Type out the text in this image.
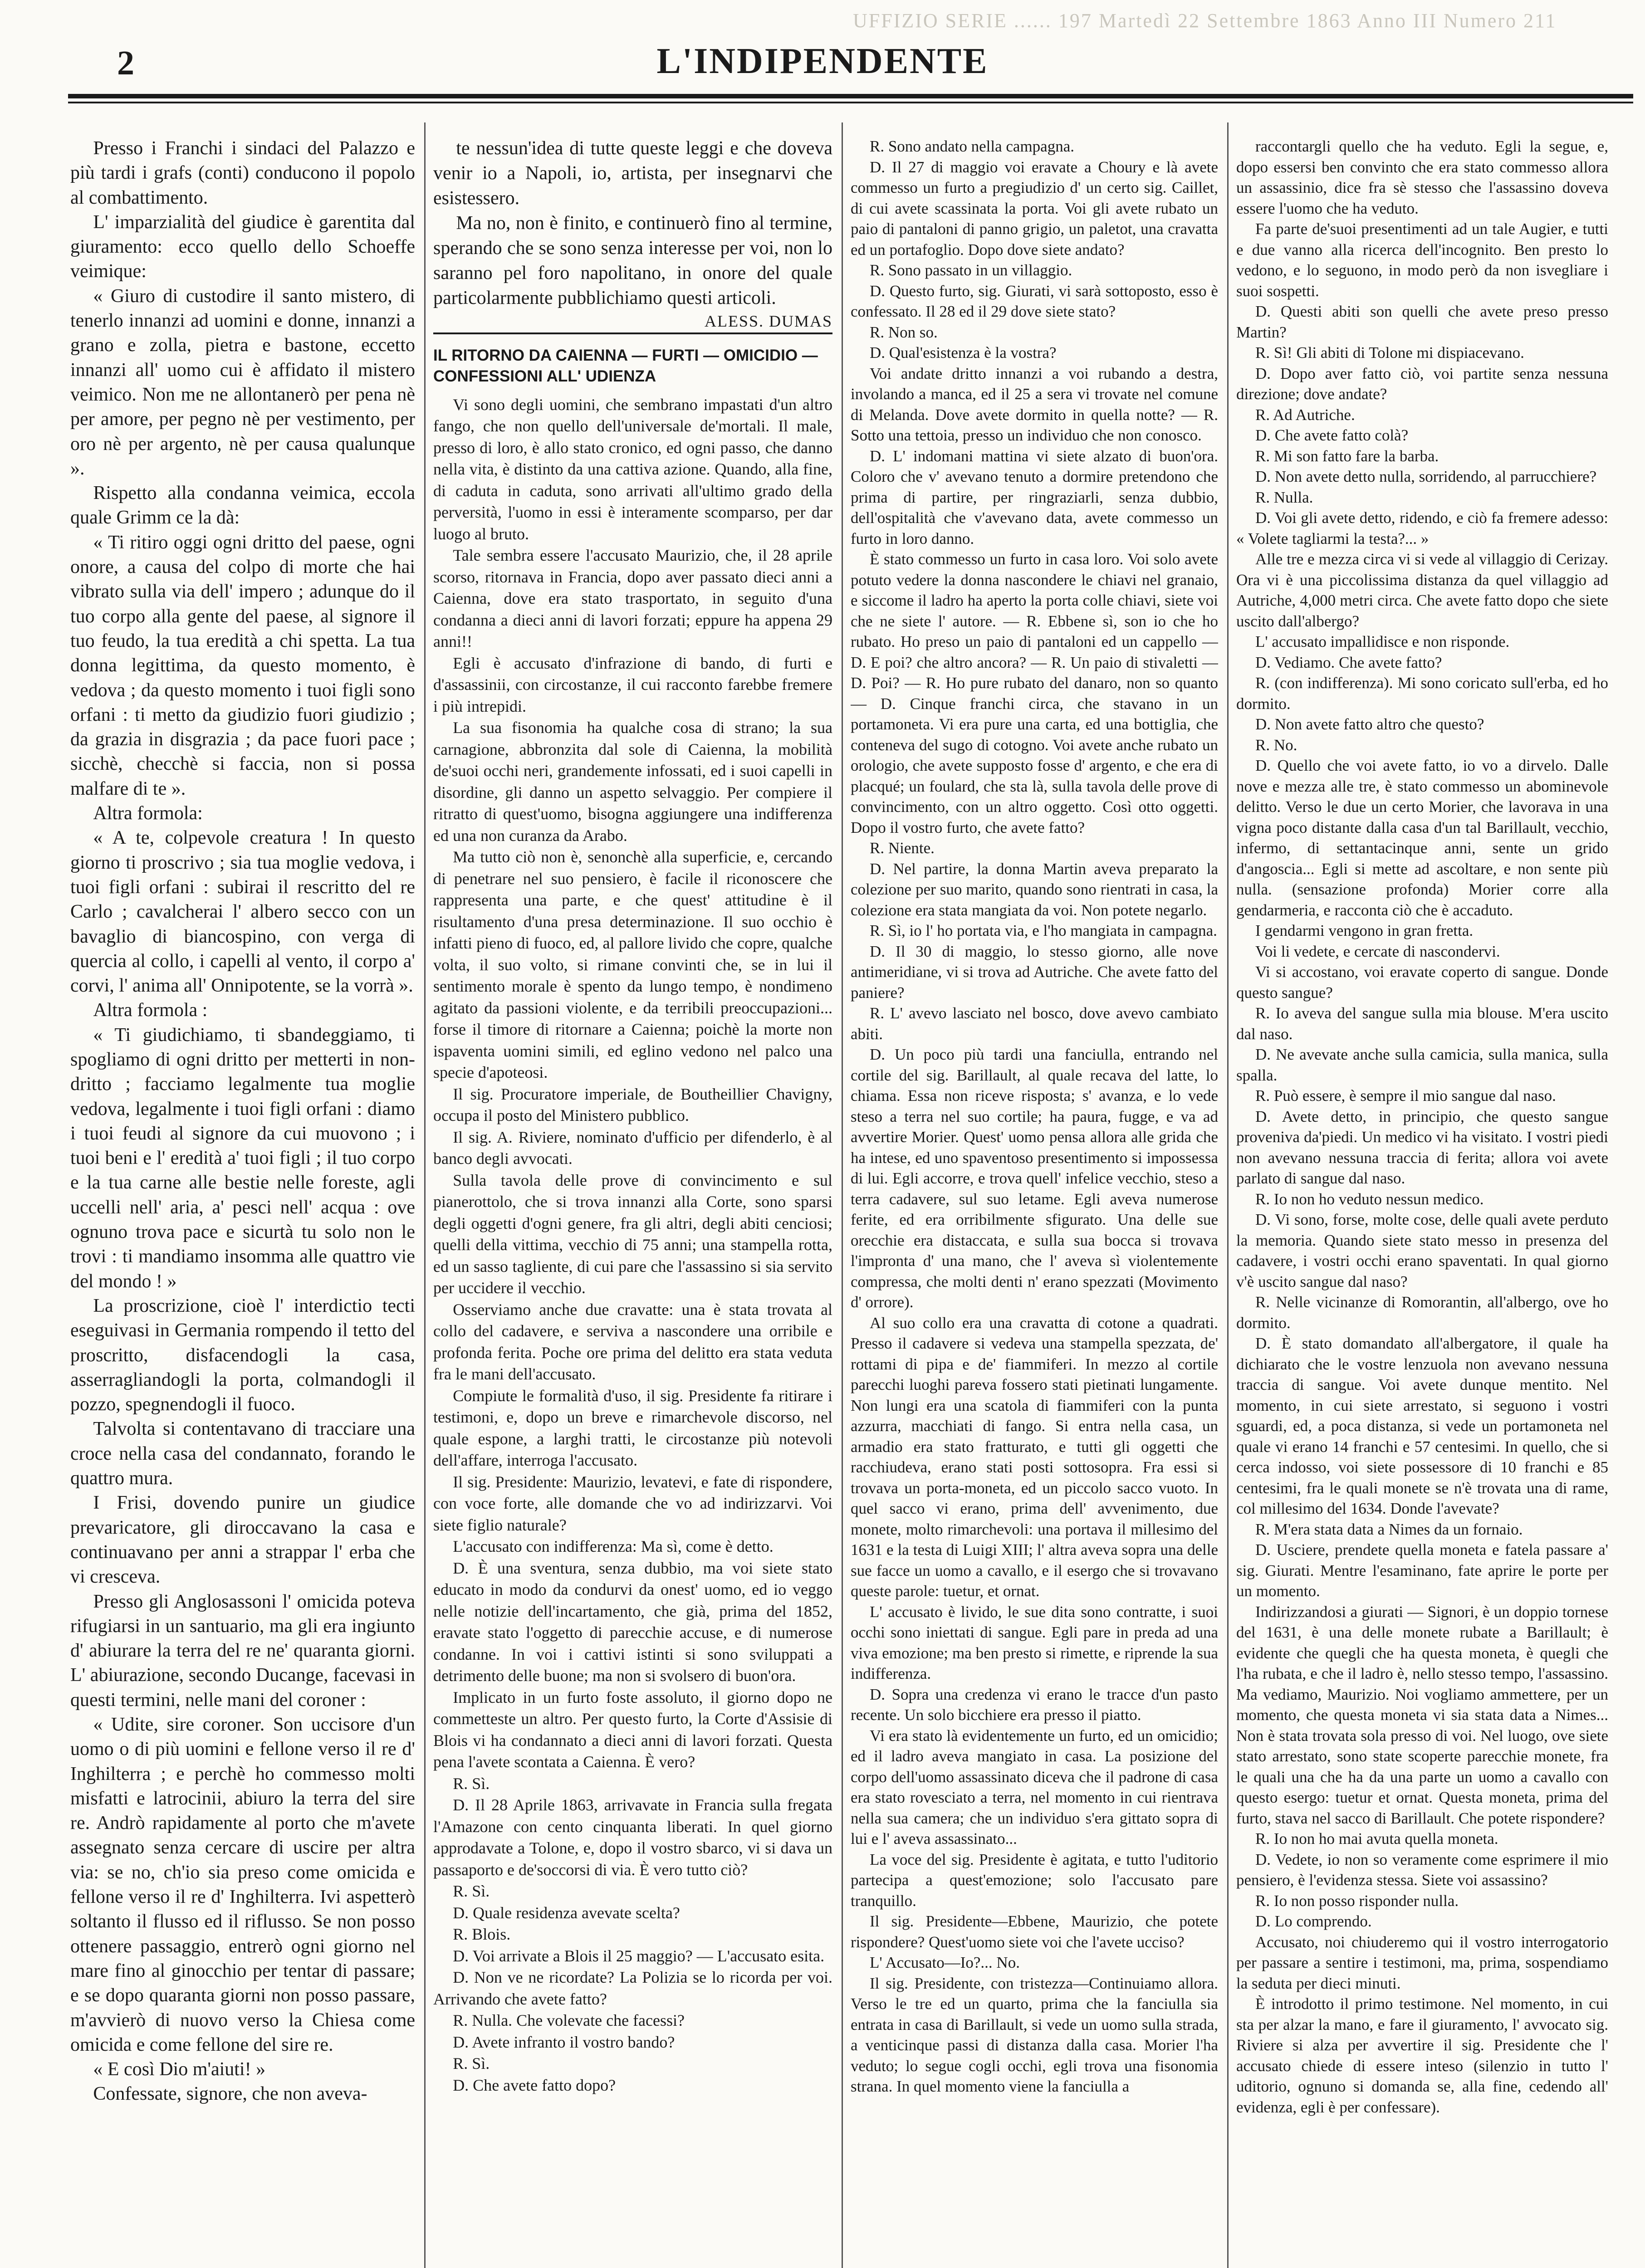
UFFIZIO SERIE ...... 197 Martedì 22 Settembre 1863 Anno III Numero 211
2	L'INDIPENDENTE

Presso i Franchi i sindaci del Palazzo e più tardi i grafs (conti) conducono il popolo al combattimento.

L' imparzialità del giudice è garentita dal giuramento: ecco quello dello Schoeffe veimique:

« Giuro di custodire il santo mistero, di tenerlo innanzi ad uomini e donne, innanzi a grano e zolla, pietra e bastone, eccetto innanzi all' uomo cui è affidato il mistero veimico. Non me ne allontanerò per pena nè per amore, per pegno nè per vestimento, per oro nè per argento, nè per causa qualunque ».

Rispetto alla condanna veimica, eccola quale Grimm ce la dà:

« Ti ritiro oggi ogni dritto del paese, ogni onore, a causa del colpo di morte che hai vibrato sulla via dell' impero ; adunque do il tuo corpo alla gente del paese, al signore il tuo feudo, la tua eredità a chi spetta. La tua donna legittima, da questo momento, è vedova ; da questo momento i tuoi figli sono orfani : ti metto da giudizio fuori giudizio ; da grazia in disgrazia ; da pace fuori pace ; sicchè, checchè si faccia, non si possa malfare di te ».

Altra formola:

« A te, colpevole creatura ! In questo giorno ti proscrivo ; sia tua moglie vedova, i tuoi figli orfani : subirai il rescritto del re Carlo ; cavalcherai l' albero secco con un bavaglio di biancospino, con verga di quercia al collo, i capelli al vento, il corpo a' corvi, l' anima all' Onnipotente, se la vorrà ».

Altra formola :

« Ti giudichiamo, ti sbandeggiamo, ti spogliamo di ogni dritto per metterti in non-dritto ; facciamo legalmente tua moglie vedova, legalmente i tuoi figli orfani : diamo i tuoi feudi al signore da cui muovono ; i tuoi beni e l' eredità a' tuoi figli ; il tuo corpo e la tua carne alle bestie nelle foreste, agli uccelli nell' aria, a' pesci nell' acqua : ove ognuno trova pace e sicurtà tu solo non le trovi : ti mandiamo insomma alle quattro vie del mondo ! »

La proscrizione, cioè l' interdictio tecti eseguivasi in Germania rompendo il tetto del proscritto, disfacendogli la casa, asserragliandogli la porta, colmandogli il pozzo, spegnendogli il fuoco.

Talvolta si contentavano di tracciare una croce nella casa del condannato, forando le quattro mura.

I Frisi, dovendo punire un giudice prevaricatore, gli diroccavano la casa e continuavano per anni a strappar l' erba che vi cresceva.

Presso gli Anglosassoni l' omicida poteva rifugiarsi in un santuario, ma gli era ingiunto d' abiurare la terra del re ne' quaranta giorni. L' abiurazione, secondo Ducange, facevasi in questi termini, nelle mani del coroner :

« Udite, sire coroner. Son uccisore d'un uomo o di più uomini e fellone verso il re d' Inghilterra ; e perchè ho commesso molti misfatti e latrocinii, abiuro la terra del sire re. Andrò rapidamente al porto che m'avete assegnato senza cercare di uscire per altra via: se no, ch'io sia preso come omicida e fellone verso il re d' Inghilterra. Ivi aspetterò soltanto il flusso ed il riflusso. Se non posso ottenere passaggio, entrerò ogni giorno nel mare fino al ginocchio per tentar di passare; e se dopo quaranta giorni non posso passare, m'avvierò di nuovo verso la Chiesa come omicida e come fellone del sire re.

« E così Dio m'aiuti! »

Confessate, signore, che non aveva-

te nessun'idea di tutte queste leggi e che doveva venir io a Napoli, io, artista, per insegnarvi che esistessero.

Ma no, non è finito, e continuerò fino al termine, sperando che se sono senza interesse per voi, non lo saranno pel foro napolitano, in onore del quale particolarmente pubblichiamo questi articoli.

ALESS. DUMAS

IL RITORNO DA CAIENNA — FURTI — OMICIDIO — CONFESSIONI ALL' UDIENZA

Vi sono degli uomini, che sembrano impastati d'un altro fango, che non quello dell'universale de'mortali. Il male, presso di loro, è allo stato cronico, ed ogni passo, che danno nella vita, è distinto da una cattiva azione. Quando, alla fine, di caduta in caduta, sono arrivati all'ultimo grado della perversità, l'uomo in essi è interamente scomparso, per dar luogo al bruto.

Tale sembra essere l'accusato Maurizio, che, il 28 aprile scorso, ritornava in Francia, dopo aver passato dieci anni a Caienna, dove era stato trasportato, in seguito d'una condanna a dieci anni di lavori forzati; eppure ha appena 29 anni!!

Egli è accusato d'infrazione di bando, di furti e d'assassinii, con circostanze, il cui racconto farebbe fremere i più intrepidi.

La sua fisonomia ha qualche cosa di strano; la sua carnagione, abbronzita dal sole di Caienna, la mobilità de'suoi occhi neri, grandemente infossati, ed i suoi capelli in disordine, gli danno un aspetto selvaggio. Per compiere il ritratto di quest'uomo, bisogna aggiungere una indifferenza ed una non curanza da Arabo.

Ma tutto ciò non è, senonchè alla superficie, e, cercando di penetrare nel suo pensiero, è facile il riconoscere che rappresenta una parte, e che quest' attitudine è il risultamento d'una presa determinazione. Il suo occhio è infatti pieno di fuoco, ed, al pallore livido che copre, qualche volta, il suo volto, si rimane convinti che, se in lui il sentimento morale è spento da lungo tempo, è nondimeno agitato da passioni violente, e da terribili preoccupazioni... forse il timore di ritornare a Caienna; poichè la morte non ispaventa uomini simili, ed eglino vedono nel palco una specie d'apoteosi.

Il sig. Procuratore imperiale, de Boutheillier Chavigny, occupa il posto del Ministero pubblico.

Il sig. A. Riviere, nominato d'ufficio per difenderlo, è al banco degli avvocati.

Sulla tavola delle prove di convincimento e sul pianerottolo, che si trova innanzi alla Corte, sono sparsi degli oggetti d'ogni genere, fra gli altri, degli abiti cenciosi; quelli della vittima, vecchio di 75 anni; una stampella rotta, ed un sasso tagliente, di cui pare che l'assassino si sia servito per uccidere il vecchio.

Osserviamo anche due cravatte: una è stata trovata al collo del cadavere, e serviva a nascondere una orribile e profonda ferita. Poche ore prima del delitto era stata veduta fra le mani dell'accusato.

Compiute le formalità d'uso, il sig. Presidente fa ritirare i testimoni, e, dopo un breve e rimarchevole discorso, nel quale espone, a larghi tratti, le circostanze più notevoli dell'affare, interroga l'accusato.

Il sig. Presidente: Maurizio, levatevi, e fate di rispondere, con voce forte, alle domande che vo ad indirizzarvi. Voi siete figlio naturale?

L'accusato con indifferenza: Ma sì, come è detto.

D. È una sventura, senza dubbio, ma voi siete stato educato in modo da condurvi da onest' uomo, ed io veggo nelle notizie dell'incartamento, che già, prima del 1852, eravate stato l'oggetto di parecchie accuse, e di numerose condanne. In voi i cattivi istinti si sono sviluppati a detrimento delle buone; ma non si svolsero di buon'ora.

Implicato in un furto foste assoluto, il giorno dopo ne commetteste un altro. Per questo furto, la Corte d'Assisie di Blois vi ha condannato a dieci anni di lavori forzati. Questa pena l'avete scontata a Caienna. È vero?

R. Sì.

D. Il 28 Aprile 1863, arrivavate in Francia sulla fregata l'Amazone con cento cinquanta liberati. In quel giorno approdavate a Tolone, e, dopo il vostro sbarco, vi si dava un passaporto e de'soccorsi di via. È vero tutto ciò?

R. Sì.

D. Quale residenza avevate scelta?

R. Blois.

D. Voi arrivate a Blois il 25 maggio? — L'accusato esita.

D. Non ve ne ricordate? La Polizia se lo ricorda per voi. Arrivando che avete fatto?

R. Nulla. Che volevate che facessi?

D. Avete infranto il vostro bando?

R. Sì.

D. Che avete fatto dopo?

R. Sono andato nella campagna.

D. Il 27 di maggio voi eravate a Choury e là avete commesso un furto a pregiudizio d' un certo sig. Caillet, di cui avete scassinata la porta. Voi gli avete rubato un paio di pantaloni di panno grigio, un paletot, una cravatta ed un portafoglio. Dopo dove siete andato?

R. Sono passato in un villaggio.

D. Questo furto, sig. Giurati, vi sarà sottoposto, esso è confessato. Il 28 ed il 29 dove siete stato?

R. Non so.

D. Qual'esistenza è la vostra?

Voi andate dritto innanzi a voi rubando a destra, involando a manca, ed il 25 a sera vi trovate nel comune di Melanda. Dove avete dormito in quella notte? — R. Sotto una tettoia, presso un individuo che non conosco.

D. L' indomani mattina vi siete alzato di buon'ora. Coloro che v' avevano tenuto a dormire pretendono che prima di partire, per ringraziarli, senza dubbio, dell'ospitalità che v'avevano data, avete commesso un furto in loro danno.

È stato commesso un furto in casa loro. Voi solo avete potuto vedere la donna nascondere le chiavi nel granaio, e siccome il ladro ha aperto la porta colle chiavi, siete voi che ne siete l' autore. — R. Ebbene sì, son io che ho rubato. Ho preso un paio di pantaloni ed un cappello — D. E poi? che altro ancora? — R. Un paio di stivaletti — D. Poi? — R. Ho pure rubato del danaro, non so quanto — D. Cinque franchi circa, che stavano in un portamoneta. Vi era pure una carta, ed una bottiglia, che conteneva del sugo di cotogno. Voi avete anche rubato un orologio, che avete supposto fosse d' argento, e che era di placqué; un foulard, che sta là, sulla tavola delle prove di convincimento, con un altro oggetto. Così otto oggetti. Dopo il vostro furto, che avete fatto?

R. Niente.

D. Nel partire, la donna Martin aveva preparato la colezione per suo marito, quando sono rientrati in casa, la colezione era stata mangiata da voi. Non potete negarlo.

R. Sì, io l' ho portata via, e l'ho mangiata in campagna.

D. Il 30 di maggio, lo stesso giorno, alle nove antimeridiane, vi si trova ad Autriche. Che avete fatto del paniere?

R. L' avevo lasciato nel bosco, dove avevo cambiato abiti.

D. Un poco più tardi una fanciulla, entrando nel cortile del sig. Barillault, al quale recava del latte, lo chiama. Essa non riceve risposta; s' avanza, e lo vede steso a terra nel suo cortile; ha paura, fugge, e va ad avvertire Morier. Quest' uomo pensa allora alle grida che ha intese, ed uno spaventoso presentimento si impossessa di lui. Egli accorre, e trova quell' infelice vecchio, steso a terra cadavere, sul suo letame. Egli aveva numerose ferite, ed era orribilmente sfigurato. Una delle sue orecchie era distaccata, e sulla sua bocca si trovava l'impronta d' una mano, che l' aveva sì violentemente compressa, che molti denti n' erano spezzati (Movimento d' orrore).

Al suo collo era una cravatta di cotone a quadrati. Presso il cadavere si vedeva una stampella spezzata, de' rottami di pipa e de' fiammiferi. In mezzo al cortile parecchi luoghi pareva fossero stati pietinati lungamente. Non lungi era una scatola di fiammiferi con la punta azzurra, macchiati di fango. Si entra nella casa, un armadio era stato fratturato, e tutti gli oggetti che racchiudeva, erano stati posti sottosopra. Fra essi si trovava un porta-moneta, ed un piccolo sacco vuoto. In quel sacco vi erano, prima dell' avvenimento, due monete, molto rimarchevoli: una portava il millesimo del 1631 e la testa di Luigi XIII; l' altra aveva sopra una delle sue facce un uomo a cavallo, e il esergo che si trovavano queste parole: tuetur, et ornat.

L' accusato è livido, le sue dita sono contratte, i suoi occhi sono iniettati di sangue. Egli pare in preda ad una viva emozione; ma ben presto si rimette, e riprende la sua indifferenza.

D. Sopra una credenza vi erano le tracce d'un pasto recente. Un solo bicchiere era presso il piatto.

Vi era stato là evidentemente un furto, ed un omicidio; ed il ladro aveva mangiato in casa. La posizione del corpo dell'uomo assassinato diceva che il padrone di casa era stato rovesciato a terra, nel momento in cui rientrava nella sua camera; che un individuo s'era gittato sopra di lui e l' aveva assassinato...

La voce del sig. Presidente è agitata, e tutto l'uditorio partecipa a quest'emozione; solo l'accusato pare tranquillo.

Il sig. Presidente—Ebbene, Maurizio, che potete rispondere? Quest'uomo siete voi che l'avete ucciso?

L' Accusato—Io?... No.

Il sig. Presidente, con tristezza—Continuiamo allora. Verso le tre ed un quarto, prima che la fanciulla sia entrata in casa di Barillault, si vede un uomo sulla strada, a venticinque passi di distanza dalla casa. Morier l'ha veduto; lo segue cogli occhi, egli trova una fisonomia strana. In quel momento viene la fanciulla a

raccontargli quello che ha veduto. Egli la segue, e, dopo essersi ben convinto che era stato commesso allora un assassinio, dice fra sè stesso che l'assassino doveva essere l'uomo che ha veduto.

Fa parte de'suoi presentimenti ad un tale Augier, e tutti e due vanno alla ricerca dell'incognito. Ben presto lo vedono, e lo seguono, in modo però da non isvegliare i suoi sospetti.

D. Questi abiti son quelli che avete preso presso Martin?

R. Sì! Gli abiti di Tolone mi dispiacevano.

D. Dopo aver fatto ciò, voi partite senza nessuna direzione; dove andate?

R. Ad Autriche.

D. Che avete fatto colà?

R. Mi son fatto fare la barba.

D. Non avete detto nulla, sorridendo, al parrucchiere?

R. Nulla.

D. Voi gli avete detto, ridendo, e ciò fa fremere adesso: « Volete tagliarmi la testa?... »

Alle tre e mezza circa vi si vede al villaggio di Cerizay. Ora vi è una piccolissima distanza da quel villaggio ad Autriche, 4,000 metri circa. Che avete fatto dopo che siete uscito dall'albergo?

L' accusato impallidisce e non risponde.

D. Vediamo. Che avete fatto?

R. (con indifferenza). Mi sono coricato sull'erba, ed ho dormito.

D. Non avete fatto altro che questo?

R. No.

D. Quello che voi avete fatto, io vo a dirvelo. Dalle nove e mezza alle tre, è stato commesso un abominevole delitto. Verso le due un certo Morier, che lavorava in una vigna poco distante dalla casa d'un tal Barillault, vecchio, infermo, di settantacinque anni, sente un grido d'angoscia... Egli si mette ad ascoltare, e non sente più nulla. (sensazione profonda) Morier corre alla gendarmeria, e racconta ciò che è accaduto.

I gendarmi vengono in gran fretta.

Voi li vedete, e cercate di nascondervi.

Vi si accostano, voi eravate coperto di sangue. Donde questo sangue?

R. Io aveva del sangue sulla mia blouse. M'era uscito dal naso.

D. Ne avevate anche sulla camicia, sulla manica, sulla spalla.

R. Può essere, è sempre il mio sangue dal naso.

D. Avete detto, in principio, che questo sangue proveniva da'piedi. Un medico vi ha visitato. I vostri piedi non avevano nessuna traccia di ferita; allora voi avete parlato di sangue dal naso.

R. Io non ho veduto nessun medico.

D. Vi sono, forse, molte cose, delle quali avete perduto la memoria. Quando siete stato messo in presenza del cadavere, i vostri occhi erano spaventati. In qual giorno v'è uscito sangue dal naso?

R. Nelle vicinanze di Romorantin, all'albergo, ove ho dormito.

D. È stato domandato all'albergatore, il quale ha dichiarato che le vostre lenzuola non avevano nessuna traccia di sangue. Voi avete dunque mentito. Nel momento, in cui siete arrestato, si seguono i vostri sguardi, ed, a poca distanza, si vede un portamoneta nel quale vi erano 14 franchi e 57 centesimi. In quello, che si cerca indosso, voi siete possessore di 10 franchi e 85 centesimi, fra le quali monete se n'è trovata una di rame, col millesimo del 1634. Donde l'avevate?

R. M'era stata data a Nimes da un fornaio.

D. Usciere, prendete quella moneta e fatela passare a' sig. Giurati. Mentre l'esaminano, fate aprire le porte per un momento.

Indirizzandosi a giurati — Signori, è un doppio tornese del 1631, è una delle monete rubate a Barillault; è evidente che quegli che ha questa moneta, è quegli che l'ha rubata, e che il ladro è, nello stesso tempo, l'assassino. Ma vediamo, Maurizio. Noi vogliamo ammettere, per un momento, che questa moneta vi sia stata data a Nimes... Non è stata trovata sola presso di voi. Nel luogo, ove siete stato arrestato, sono state scoperte parecchie monete, fra le quali una che ha da una parte un uomo a cavallo con questo esergo: tuetur et ornat. Questa moneta, prima del furto, stava nel sacco di Barillault. Che potete rispondere?

R. Io non ho mai avuta quella moneta.

D. Vedete, io non so veramente come esprimere il mio pensiero, è l'evidenza stessa. Siete voi assassino?

R. Io non posso risponder nulla.

D. Lo comprendo.

Accusato, noi chiuderemo qui il vostro interrogatorio per passare a sentire i testimoni, ma, prima, sospendiamo la seduta per dieci minuti.

È introdotto il primo testimone. Nel momento, in cui sta per alzar la mano, e fare il giuramento, l' avvocato sig. Riviere si alza per avvertire il sig. Presidente che l' accusato chiede di essere inteso (silenzio in tutto l' uditorio, ognuno si domanda se, alla fine, cedendo all' evidenza, egli è per confessare).
